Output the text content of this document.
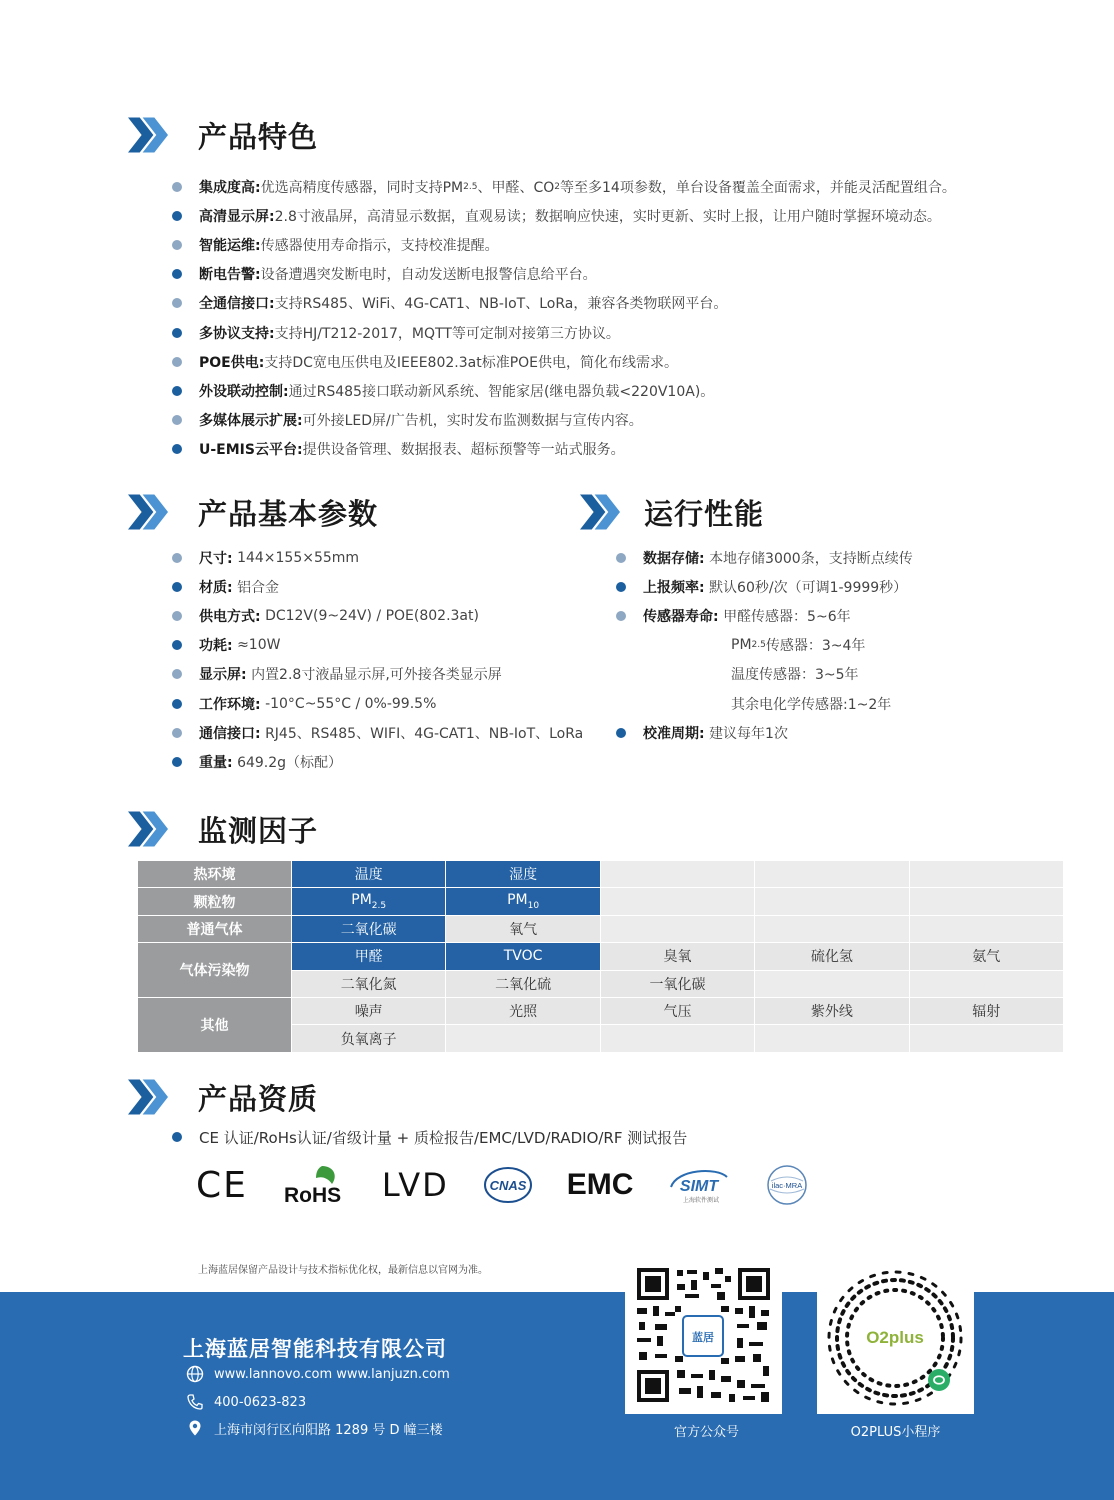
产品特色
集成度高: 优选高精度传感器，同时支持PM 2.5 、甲醛、CO 2 等至多14项参数，单台设备覆盖全面需求，并能灵活配置组合。
高清显示屏: 2.8寸液晶屏，高清显示数据，直观易读；数据响应快速，实时更新、实时上报，让用户随时掌握环境动态。
智能运维: 传感器使用寿命指示，支持校准提醒。
断电告警: 设备遭遇突发断电时，自动发送断电报警信息给平台。
全通信接口: 支持RS485、WiFi、4G-CAT1、NB-IoT、LoRa，兼容各类物联网平台。
多协议支持: 支持HJ/T212-2017，MQTT等可定制对接第三方协议。
POE供电: 支持DC宽电压供电及IEEE802.3at标准POE供电，简化布线需求。
外设联动控制: 通过RS485接口联动新风系统、智能家居(继电器负载<220V10A)。
多媒体展示扩展: 可外接LED屏/广告机，实时发布监测数据与宣传内容。
U-EMIS云平台: 提供设备管理、数据报表、超标预警等一站式服务。
产品基本参数	运行性能
尺寸:
144×155×55mm
材质:
铝合金
供电方式:
DC12V(9~24V) / POE(802.3at)
功耗:
≈10W
显示屏:
内置2.8寸液晶显示屏,可外接各类显示屏
工作环境:
-10°C~55°C / 0%-99.5%
通信接口:
RJ45、RS485、WIFI、4G-CAT1、NB-IoT、LoRa
重量:
649.2g（标配）
数据存储:
本地存储3000条，支持断点续传
上报频率:
默认60秒/次（可调1-9999秒）
传感器寿命:
甲醛传感器：5~6年
PM 2.5 传感器：3~4年
温度传感器：3~5年
其余电化学传感器:1~2年
校准周期:
建议每年1次
监测因子
热环境	温度	湿度			
颗粒物	$PM_{2.5}$	$PM_{10}$			
普通气体	二氧化碳	氧气			
气体污染物	甲醛	TVOC	臭氧	硫化氢	氨气
	二氧化氮	二氧化硫	一氧化碳		
其他	噪声	光照	气压	紫外线	辐射
	负氧离子				
产品资质
CE 认证/RoHs认证/省级计量 + 质检报告/EMC/LVD/RADIO/RF 测试报告
CE RoHS LVD	CNAS EMC	SIMT
上海软件测试
ilac·MRA
上海蓝居保留产品设计与技术指标优化权，最新信息以官网为准。
上海蓝居智能科技有限公司
www.lannovo.com www.lanjuzn.com
400-0623-823
上海市闵行区向阳路 1289 号 D 幢三楼
蓝居
官方公众号
O2plus
O2PLUS小程序
